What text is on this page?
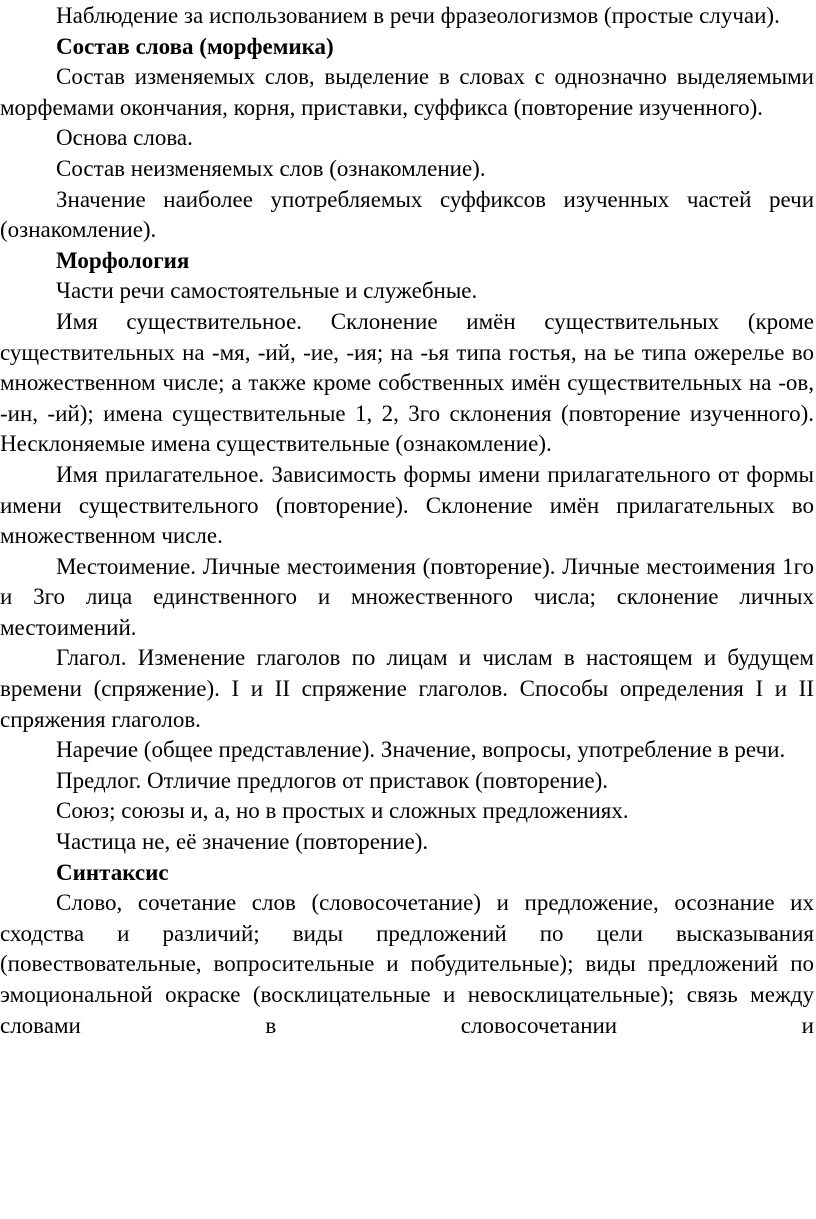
Наблюдение за использованием в речи фразеологизмов (простые случаи).

Состав слова (морфемика)

Состав изменяемых слов, выделение в словах с однозначно выделяемыми морфемами окончания, корня, приставки, суффикса (повторение изученного).

Основа слова.

Состав неизменяемых слов (ознакомление).

Значение наиболее употребляемых суффиксов изученных частей речи (ознакомление).

Морфология

Части речи самостоятельные и служебные.

Имя существительное. Склонение имён существительных (кроме существительных на -мя, -ий, -ие, -ия; на -ья типа гостья, на ье типа ожерелье во множественном числе; а также кроме собственных имён существительных на -ов, -ин, -ий); имена существительные 1, 2, 3го склонения (повторение изученного). Несклоняемые имена существительные (ознакомление).

Имя прилагательное. Зависимость формы имени прилагательного от формы имени существительного (повторение). Склонение имён прилагательных во множественном числе.

Местоимение. Личные местоимения (повторение). Личные местоимения 1го и 3го лица единственного и множественного числа; склонение личных местоимений.

Глагол. Изменение глаголов по лицам и числам в настоящем и будущем времени (спряжение). I и II спряжение глаголов. Способы определения I и II спряжения глаголов.

Наречие (общее представление). Значение, вопросы, употребление в речи.

Предлог. Отличие предлогов от приставок (повторение).

Союз; союзы и, а, но в простых и сложных предложениях.

Частица не, её значение (повторение).

Синтаксис

Слово, сочетание слов (словосочетание) и предложение, осознание их сходства и различий; виды предложений по цели высказывания (повествовательные, вопросительные и побудительные); виды предложений по эмоциональной окраске (восклицательные и невосклицательные); связь между словами в словосочетании и
